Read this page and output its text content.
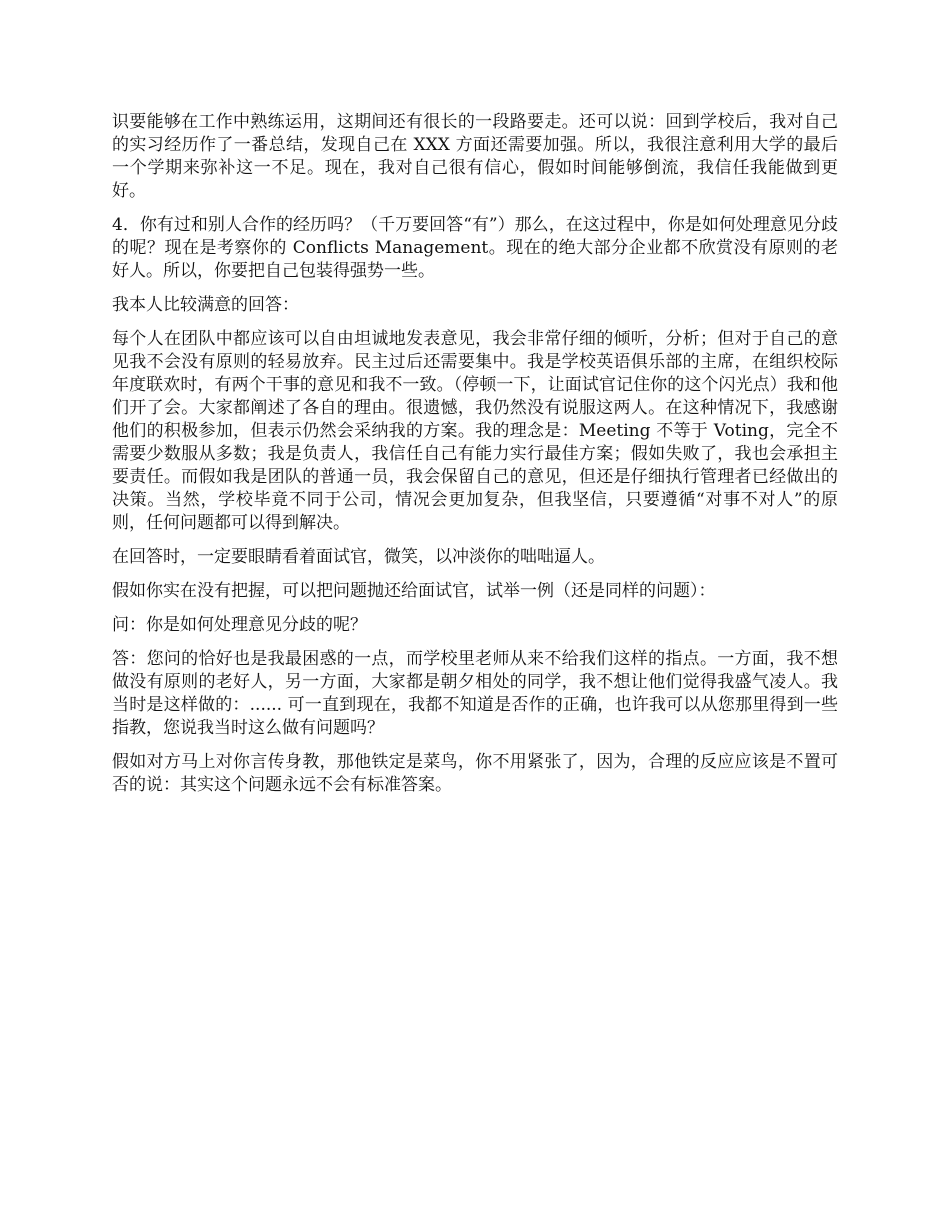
识要能够在工作中熟练运用，这期间还有很长的一段路要走。还可以说：回到学校后，我对自己的实习经历作了一番总结，发现自己在 XXX 方面还需要加强。所以，我很注意利用大学的最后一个学期来弥补这一不足。现在，我对自己很有信心，假如时间能够倒流，我信任我能做到更好。

4．你有过和别人合作的经历吗？（千万要回答“有”）那么，在这过程中，你是如何处理意见分歧的呢？现在是考察你的 Conflicts Management。现在的绝大部分企业都不欣赏没有原则的老好人。所以，你要把自己包装得强势一些。

我本人比较满意的回答：

每个人在团队中都应该可以自由坦诚地发表意见，我会非常仔细的倾听，分析；但对于自己的意见我不会没有原则的轻易放弃。民主过后还需要集中。我是学校英语俱乐部的主席，在组织校际年度联欢时，有两个干事的意见和我不一致。（停顿一下，让面试官记住你的这个闪光点）我和他们开了会。大家都阐述了各自的理由。很遗憾，我仍然没有说服这两人。在这种情况下，我感谢他们的积极参加，但表示仍然会采纳我的方案。我的理念是：Meeting 不等于 Voting，完全不需要少数服从多数；我是负责人，我信任自己有能力实行最佳方案；假如失败了，我也会承担主要责任。而假如我是团队的普通一员，我会保留自己的意见，但还是仔细执行管理者已经做出的决策。当然，学校毕竟不同于公司，情况会更加复杂，但我坚信，只要遵循“对事不对人”的原则，任何问题都可以得到解决。

在回答时，一定要眼睛看着面试官，微笑，以冲淡你的咄咄逼人。

假如你实在没有把握，可以把问题抛还给面试官，试举一例（还是同样的问题）：

问：你是如何处理意见分歧的呢？

答：您问的恰好也是我最困惑的一点，而学校里老师从来不给我们这样的指点。一方面，我不想做没有原则的老好人，另一方面，大家都是朝夕相处的同学，我不想让他们觉得我盛气凌人。我当时是这样做的：...... 可一直到现在，我都不知道是否作的正确，也许我可以从您那里得到一些指教，您说我当时这么做有问题吗？

假如对方马上对你言传身教，那他铁定是菜鸟，你不用紧张了，因为，合理的反应应该是不置可否的说：其实这个问题永远不会有标准答案。
